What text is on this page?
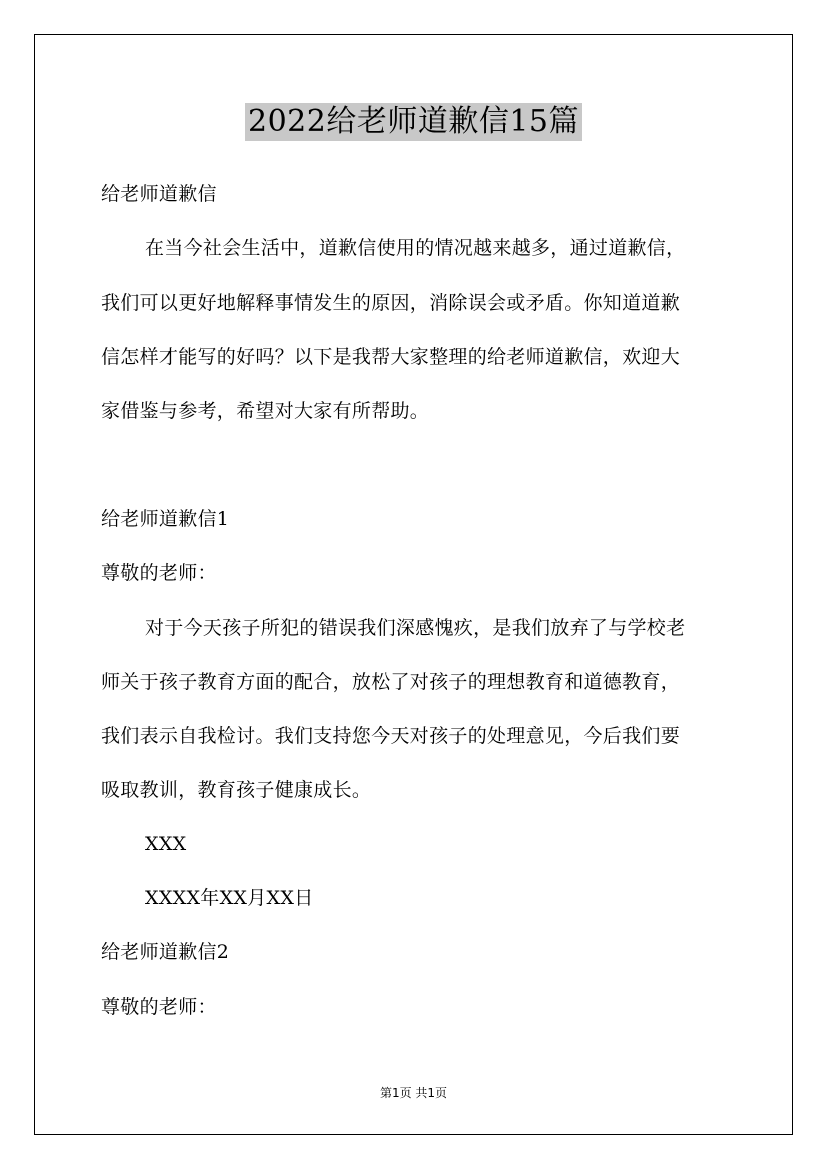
2022给老师道歉信15篇
给老师道歉信
在当今社会生活中，道歉信使用的情况越来越多，通过道歉信，
我们可以更好地解释事情发生的原因，消除误会或矛盾。你知道道歉
信怎样才能写的好吗？以下是我帮大家整理的给老师道歉信，欢迎大
家借鉴与参考，希望对大家有所帮助。
给老师道歉信1
尊敬的老师：
对于今天孩子所犯的错误我们深感愧疚，是我们放弃了与学校老
师关于孩子教育方面的配合，放松了对孩子的理想教育和道德教育，
我们表示自我检讨。我们支持您今天对孩子的处理意见，今后我们要
吸取教训，教育孩子健康成长。
XXX
XXXX年XX月XX日
给老师道歉信2
尊敬的老师：
第1页 共1页
